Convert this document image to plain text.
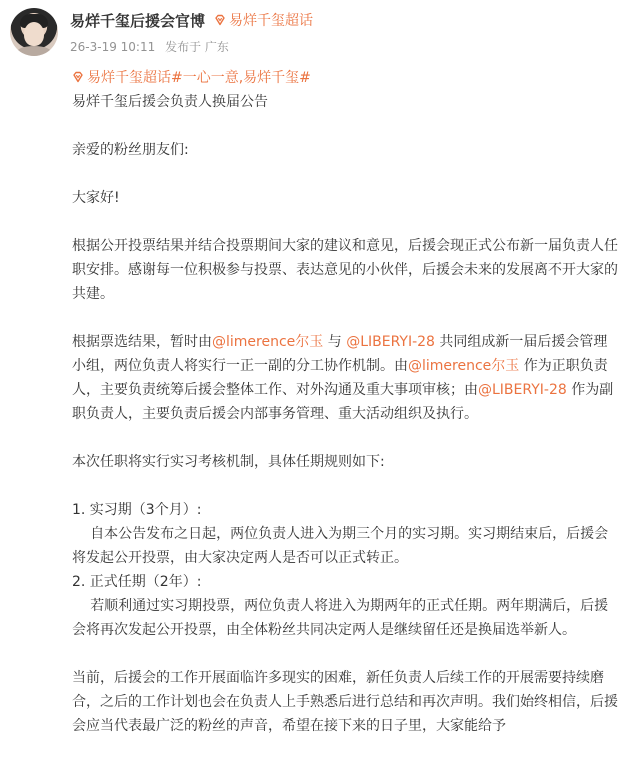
易烊千玺后援会官博	易烊千玺超话
26-3-19 10:11 发布于 广东

易烊千玺超话#一心一意,易烊千玺#

易烊千玺后援会负责人换届公告

亲爱的粉丝朋友们:

大家好!

根据公开投票结果并结合投票期间大家的建议和意见，后援会现正式公布新一届负责人任职安排。感谢每一位积极参与投票、表达意见的小伙伴，后援会未来的发展离不开大家的共建。

根据票选结果，暂时由@limerence尔玉 与 @LIBERYI-28 共同组成新一届后援会管理小组，两位负责人将实行一正一副的分工协作机制。由@limerence尔玉 作为正职负责人，主要负责统筹后援会整体工作、对外沟通及重大事项审核；由@LIBERYI-28 作为副职负责人，主要负责后援会内部事务管理、重大活动组织及执行。

本次任职将实行实习考核机制，具体任期规则如下:

1. 实习期（3个月）:

自本公告发布之日起，两位负责人进入为期三个月的实习期。实习期结束后，后援会将发起公开投票，由大家决定两人是否可以正式转正。

2. 正式任期（2年）:

若顺利通过实习期投票，两位负责人将进入为期两年的正式任期。两年期满后，后援会将再次发起公开投票，由全体粉丝共同决定两人是继续留任还是换届选举新人。

当前，后援会的工作开展面临许多现实的困难，新任负责人后续工作的开展需要持续磨合，之后的工作计划也会在负责人上手熟悉后进行总结和再次声明。我们始终相信，后援会应当代表最广泛的粉丝的声音，希望在接下来的日子里，大家能给予
